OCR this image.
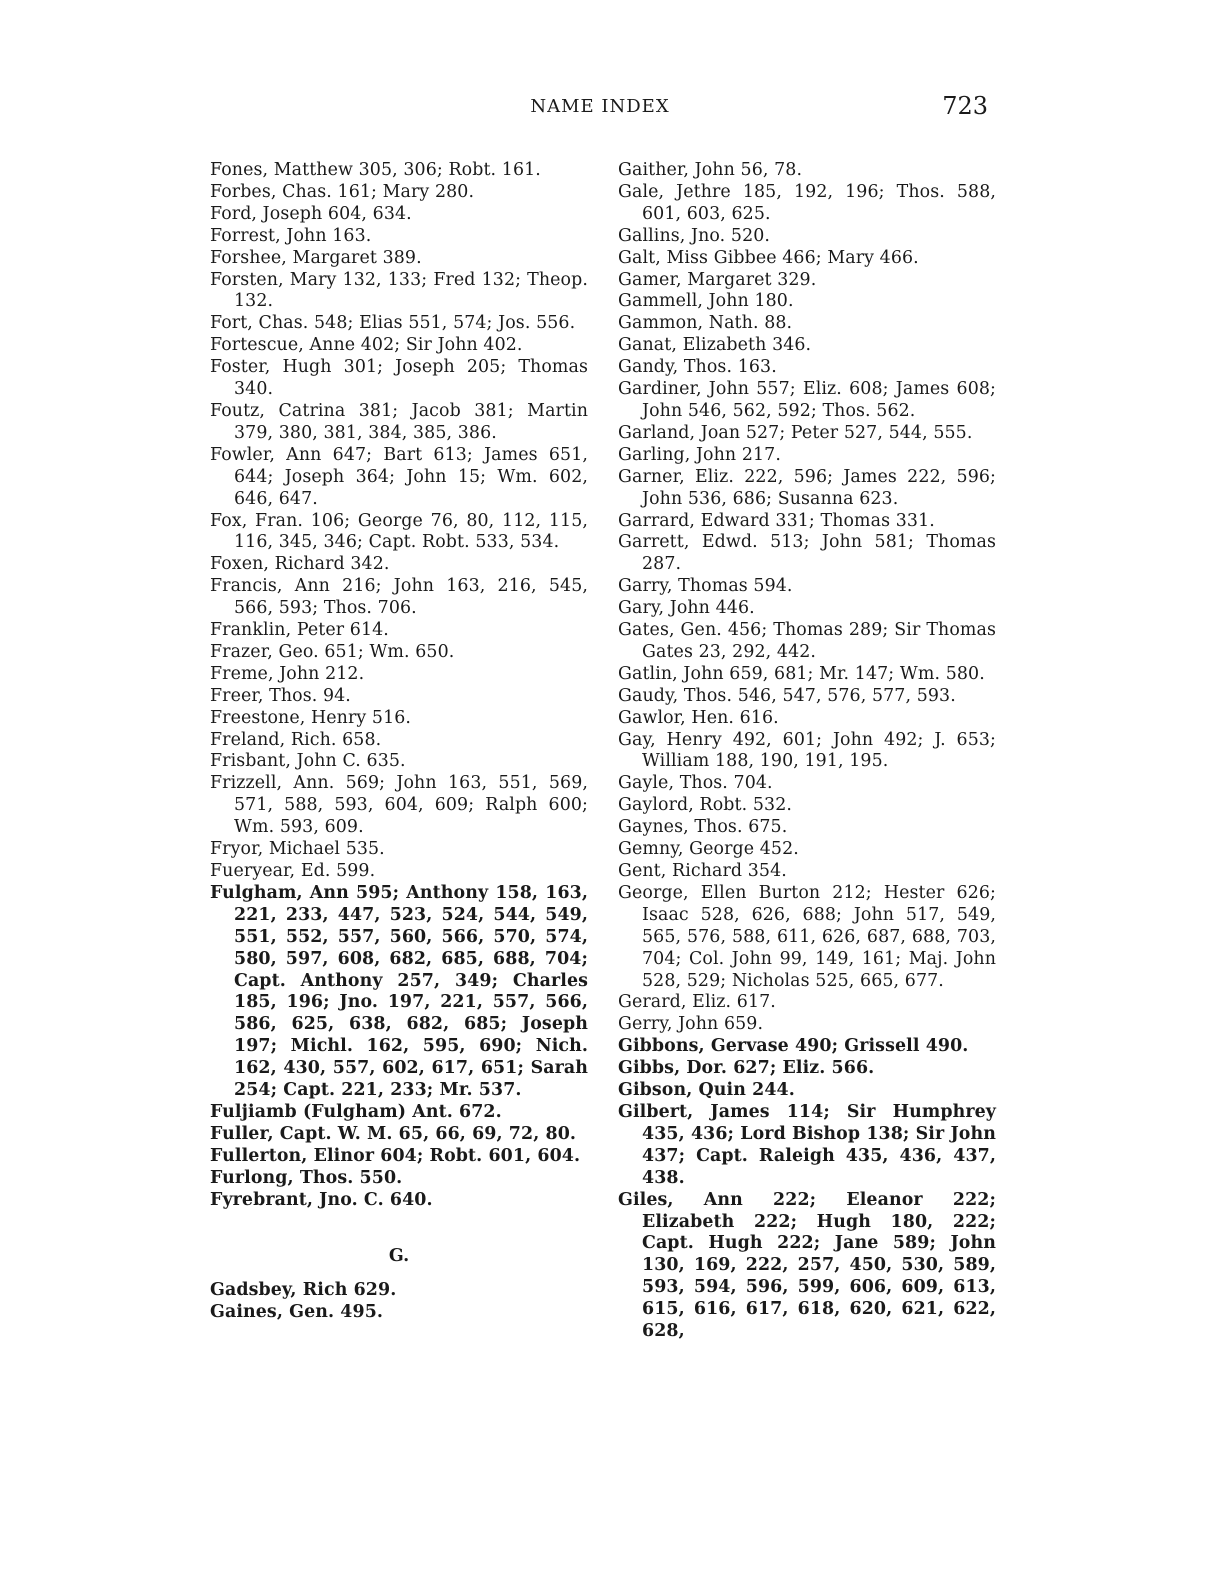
NAME INDEX	723

Fones, Matthew 305, 306; Robt. 161.

Forbes, Chas. 161; Mary 280.

Ford, Joseph 604, 634.

Forrest, John 163.

Forshee, Margaret 389.

Forsten, Mary 132, 133; Fred 132; Theop. 132.

Fort, Chas. 548; Elias 551, 574; Jos. 556.

Fortescue, Anne 402; Sir John 402.

Foster, Hugh 301; Joseph 205; Thomas 340.

Foutz, Catrina 381; Jacob 381; Martin 379, 380, 381, 384, 385, 386.

Fowler, Ann 647; Bart 613; James 651, 644; Joseph 364; John 15; Wm. 602, 646, 647.

Fox, Fran. 106; George 76, 80, 112, 115, 116, 345, 346; Capt. Robt. 533, 534.

Foxen, Richard 342.

Francis, Ann 216; John 163, 216, 545, 566, 593; Thos. 706.

Franklin, Peter 614.

Frazer, Geo. 651; Wm. 650.

Freme, John 212.

Freer, Thos. 94.

Freestone, Henry 516.

Freland, Rich. 658.

Frisbant, John C. 635.

Frizzell, Ann. 569; John 163, 551, 569, 571, 588, 593, 604, 609; Ralph 600; Wm. 593, 609.

Fryor, Michael 535.

Fueryear, Ed. 599.

Fulgham, Ann 595; Anthony 158, 163, 221, 233, 447, 523, 524, 544, 549, 551, 552, 557, 560, 566, 570, 574, 580, 597, 608, 682, 685, 688, 704; Capt. Anthony 257, 349; Charles 185, 196; Jno. 197, 221, 557, 566, 586, 625, 638, 682, 685; Joseph 197; Michl. 162, 595, 690; Nich. 162, 430, 557, 602, 617, 651; Sarah 254; Capt. 221, 233; Mr. 537.

Fuljiamb (Fulgham) Ant. 672.

Fuller, Capt. W. M. 65, 66, 69, 72, 80.

Fullerton, Elinor 604; Robt. 601, 604.

Furlong, Thos. 550.

Fyrebrant, Jno. C. 640.

G.

Gadsbey, Rich 629.

Gaines, Gen. 495.

Gaither, John 56, 78.

Gale, Jethre 185, 192, 196; Thos. 588, 601, 603, 625.

Gallins, Jno. 520.

Galt, Miss Gibbee 466; Mary 466.

Gamer, Margaret 329.

Gammell, John 180.

Gammon, Nath. 88.

Ganat, Elizabeth 346.

Gandy, Thos. 163.

Gardiner, John 557; Eliz. 608; James 608; John 546, 562, 592; Thos. 562.

Garland, Joan 527; Peter 527, 544, 555.

Garling, John 217.

Garner, Eliz. 222, 596; James 222, 596; John 536, 686; Susanna 623.

Garrard, Edward 331; Thomas 331.

Garrett, Edwd. 513; John 581; Thomas 287.

Garry, Thomas 594.

Gary, John 446.

Gates, Gen. 456; Thomas 289; Sir Thomas Gates 23, 292, 442.

Gatlin, John 659, 681; Mr. 147; Wm. 580.

Gaudy, Thos. 546, 547, 576, 577, 593.

Gawlor, Hen. 616.

Gay, Henry 492, 601; John 492; J. 653; William 188, 190, 191, 195.

Gayle, Thos. 704.

Gaylord, Robt. 532.

Gaynes, Thos. 675.

Gemny, George 452.

Gent, Richard 354.

George, Ellen Burton 212; Hester 626; Isaac 528, 626, 688; John 517, 549, 565, 576, 588, 611, 626, 687, 688, 703, 704; Col. John 99, 149, 161; Maj. John 528, 529; Nicholas 525, 665, 677.

Gerard, Eliz. 617.

Gerry, John 659.

Gibbons, Gervase 490; Grissell 490.

Gibbs, Dor. 627; Eliz. 566.

Gibson, Quin 244.

Gilbert, James 114; Sir Humphrey 435, 436; Lord Bishop 138; Sir John 437; Capt. Raleigh 435, 436, 437, 438.

Giles, Ann 222; Eleanor 222; Elizabeth 222; Hugh 180, 222; Capt. Hugh 222; Jane 589; John 130, 169, 222, 257, 450, 530, 589, 593, 594, 596, 599, 606, 609, 613, 615, 616, 617, 618, 620, 621, 622, 628,
